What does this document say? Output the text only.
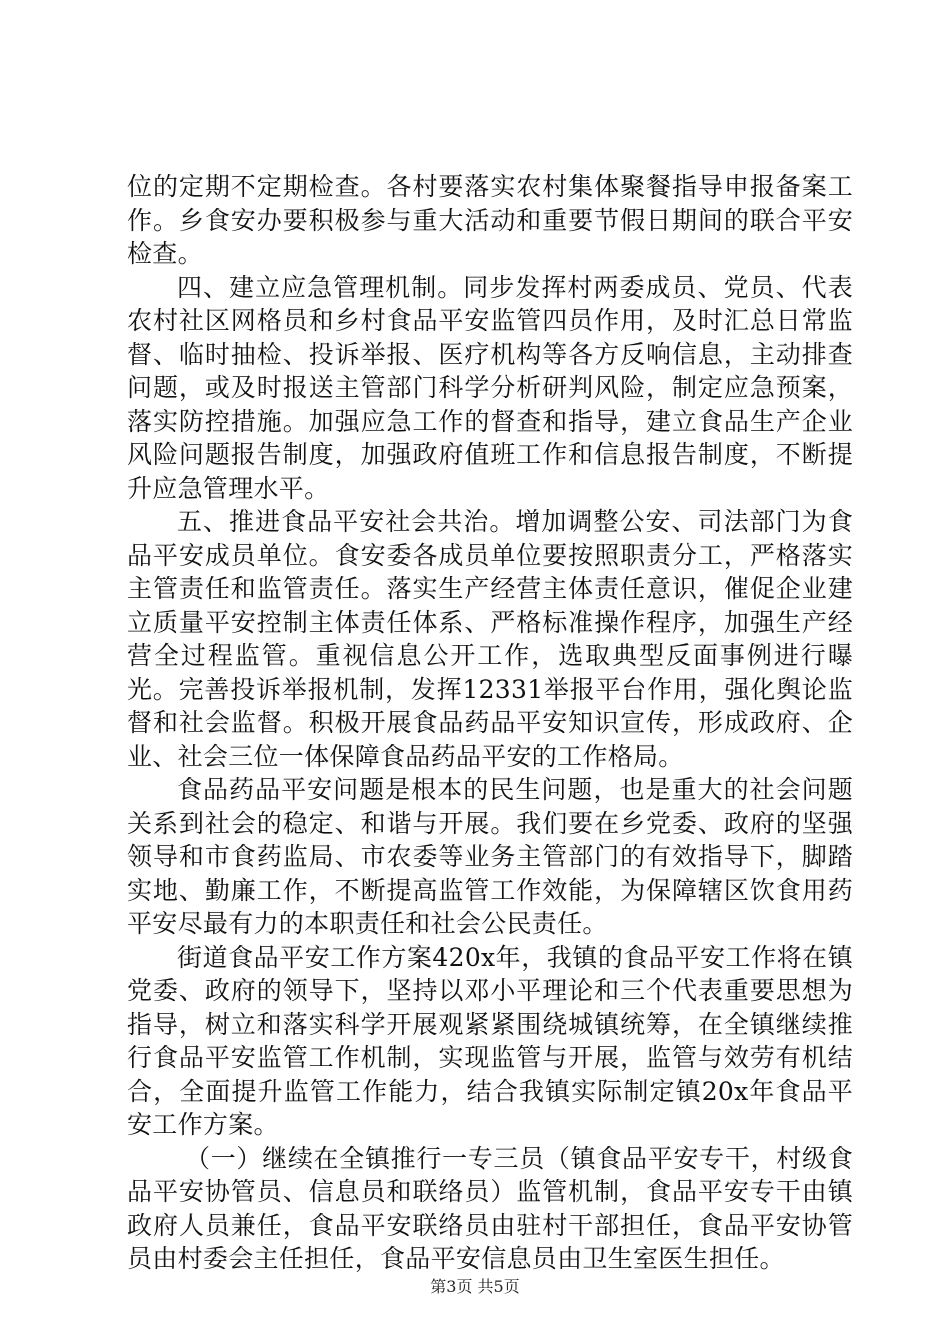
位的定期不定期检查。各村要落实农村集体聚餐指导申报备案工作。乡食安办要积极参与重大活动和重要节假日期间的联合平安检查。

四、建立应急管理机制。同步发挥村两委成员、党员、代表农村社区网格员和乡村食品平安监管四员作用，及时汇总日常监督、临时抽检、投诉举报、医疗机构等各方反响信息，主动排查问题，或及时报送主管部门科学分析研判风险，制定应急预案，落实防控措施。加强应急工作的督查和指导，建立食品生产企业风险问题报告制度，加强政府值班工作和信息报告制度，不断提升应急管理水平。

五、推进食品平安社会共治。增加调整公安、司法部门为食品平安成员单位。食安委各成员单位要按照职责分工，严格落实主管责任和监管责任。落实生产经营主体责任意识，催促企业建立质量平安控制主体责任体系、严格标准操作程序，加强生产经营全过程监管。重视信息公开工作，选取典型反面事例进行曝光。完善投诉举报机制，发挥12331举报平台作用，强化舆论监督和社会监督。积极开展食品药品平安知识宣传，形成政府、企业、社会三位一体保障食品药品平安的工作格局。

食品药品平安问题是根本的民生问题，也是重大的社会问题关系到社会的稳定、和谐与开展。我们要在乡党委、政府的坚强领导和市食药监局、市农委等业务主管部门的有效指导下，脚踏实地、勤廉工作，不断提高监管工作效能，为保障辖区饮食用药平安尽最有力的本职责任和社会公民责任。

街道食品平安工作方案420x年，我镇的食品平安工作将在镇党委、政府的领导下，坚持以邓小平理论和三个代表重要思想为指导，树立和落实科学开展观紧紧围绕城镇统筹，在全镇继续推行食品平安监管工作机制，实现监管与开展，监管与效劳有机结合，全面提升监管工作能力，结合我镇实际制定镇20x年食品平安工作方案。

（一）继续在全镇推行一专三员（镇食品平安专干，村级食品平安协管员、信息员和联络员）监管机制，食品平安专干由镇政府人员兼任，食品平安联络员由驻村干部担任，食品平安协管员由村委会主任担任，食品平安信息员由卫生室医生担任。

第3页 共5页
